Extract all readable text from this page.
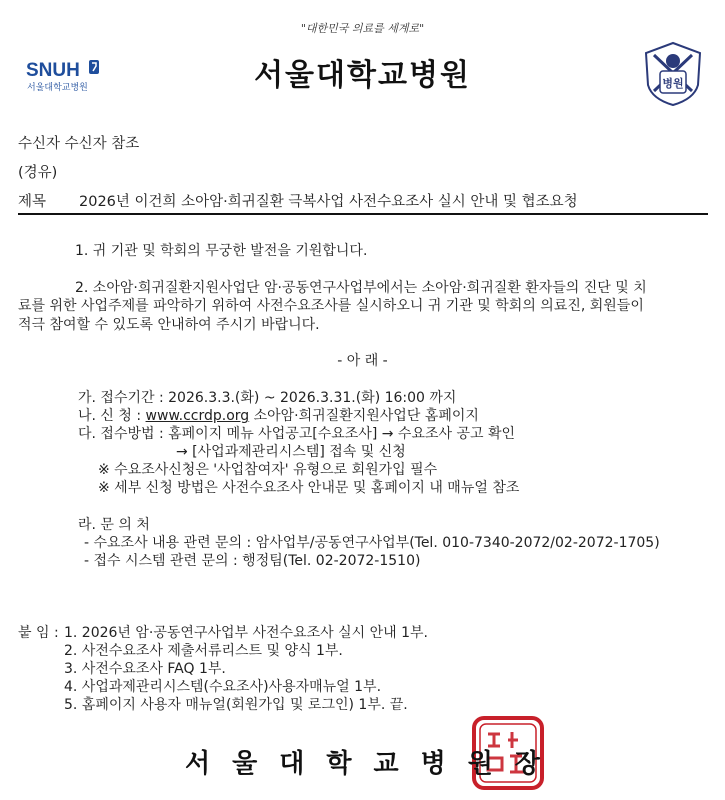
"대한민국 의료를 세계로"
SNUH
서울대학교병원	서울대학교병원	병원
수신자 수신자 참조
(경유)
제목 2026년 이건희 소아암·희귀질환 극복사업 사전수요조사 실시 안내 및 협조요청
1. 귀 기관 및 학회의 무궁한 발전을 기원합니다.
2. 소아암·희귀질환지원사업단 암·공동연구사업부에서는 소아암·희귀질환 환자들의 진단 및 치
료를 위한 사업주제를 파악하기 위하여 사전수요조사를 실시하오니 귀 기관 및 학회의 의료진, 회원들이
적극 참여할 수 있도록 안내하여 주시기 바랍니다.
- 아 래 -
가. 접수기간 : 2026.3.3.(화) ~ 2026.3.31.(화) 16:00 까지
나. 신 청 : www.ccrdp.org 소아암·희귀질환지원사업단 홈페이지
다. 접수방법 : 홈페이지 메뉴 사업공고[수요조사] → 수요조사 공고 확인
→ [사업과제관리시스템] 접속 및 신청
※ 수요조사신청은 '사업참여자' 유형으로 회원가입 필수
※ 세부 신청 방법은 사전수요조사 안내문 및 홈페이지 내 매뉴얼 참조
라. 문 의 처
- 수요조사 내용 관련 문의 : 암사업부/공동연구사업부(Tel. 010-7340-2072/02-2072-1705)
- 접수 시스템 관련 문의 : 행정팀(Tel. 02-2072-1510)
붙 임 : 1. 2026년 암·공동연구사업부 사전수요조사 실시 안내 1부.
2. 사전수요조사 제출서류리스트 및 양식 1부.
3. 사전수요조사 FAQ 1부.
4. 사업과제관리시스템(수요조사)사용자매뉴얼 1부.
5. 홈페이지 사용자 매뉴얼(회원가입 및 로그인) 1부. 끝.
서울대학교병원장
